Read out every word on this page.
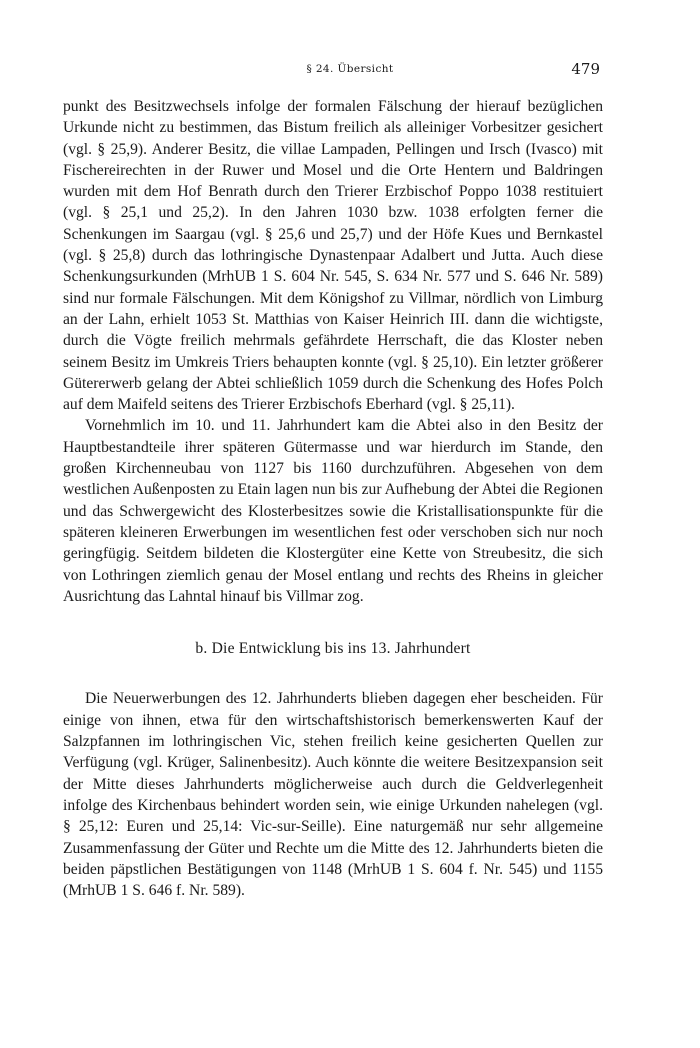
§ 24. Übersicht	479

punkt des Besitzwechsels infolge der formalen Fälschung der hierauf bezüglichen Urkunde nicht zu bestimmen, das Bistum freilich als alleiniger Vorbesitzer gesichert (vgl. § 25,9). Anderer Besitz, die villae Lampaden, Pellingen und Irsch (Ivasco) mit Fischereirechten in der Ruwer und Mosel und die Orte Hentern und Baldringen wurden mit dem Hof Benrath durch den Trierer Erzbischof Poppo 1038 restituiert (vgl. § 25,1 und 25,2). In den Jahren 1030 bzw. 1038 erfolgten ferner die Schenkungen im Saargau (vgl. § 25,6 und 25,7) und der Höfe Kues und Bernkastel (vgl. § 25,8) durch das lothringische Dynastenpaar Adalbert und Jutta. Auch diese Schenkungsurkunden (MrhUB 1 S. 604 Nr. 545, S. 634 Nr. 577 und S. 646 Nr. 589) sind nur formale Fälschungen. Mit dem Königshof zu Villmar, nördlich von Limburg an der Lahn, erhielt 1053 St. Matthias von Kaiser Heinrich III. dann die wichtigste, durch die Vögte freilich mehrmals gefährdete Herrschaft, die das Kloster neben seinem Besitz im Umkreis Triers behaupten konnte (vgl. § 25,10). Ein letzter größerer Gütererwerb gelang der Abtei schließlich 1059 durch die Schenkung des Hofes Polch auf dem Maifeld seitens des Trierer Erzbischofs Eberhard (vgl. § 25,11).

Vornehmlich im 10. und 11. Jahrhundert kam die Abtei also in den Besitz der Hauptbestandteile ihrer späteren Gütermasse und war hierdurch im Stande, den großen Kirchenneubau von 1127 bis 1160 durchzuführen. Abgesehen von dem westlichen Außenposten zu Etain lagen nun bis zur Aufhebung der Abtei die Regionen und das Schwergewicht des Klosterbesitzes sowie die Kristallisationspunkte für die späteren kleineren Erwerbungen im wesentlichen fest oder verschoben sich nur noch geringfügig. Seitdem bildeten die Klostergüter eine Kette von Streubesitz, die sich von Lothringen ziemlich genau der Mosel entlang und rechts des Rheins in gleicher Ausrichtung das Lahntal hinauf bis Villmar zog.

b. Die Entwicklung bis ins 13. Jahrhundert

Die Neuerwerbungen des 12. Jahrhunderts blieben dagegen eher bescheiden. Für einige von ihnen, etwa für den wirtschaftshistorisch bemerkenswerten Kauf der Salzpfannen im lothringischen Vic, stehen freilich keine gesicherten Quellen zur Verfügung (vgl. Krüger, Salinenbesitz). Auch könnte die weitere Besitzexpansion seit der Mitte dieses Jahrhunderts möglicherweise auch durch die Geldverlegenheit infolge des Kirchenbaus behindert worden sein, wie einige Urkunden nahelegen (vgl. § 25,12: Euren und 25,14: Vic-sur-Seille). Eine naturgemäß nur sehr allgemeine Zusammenfassung der Güter und Rechte um die Mitte des 12. Jahrhunderts bieten die beiden päpstlichen Bestätigungen von 1148 (MrhUB 1 S. 604 f. Nr. 545) und 1155 (MrhUB 1 S. 646 f. Nr. 589).
